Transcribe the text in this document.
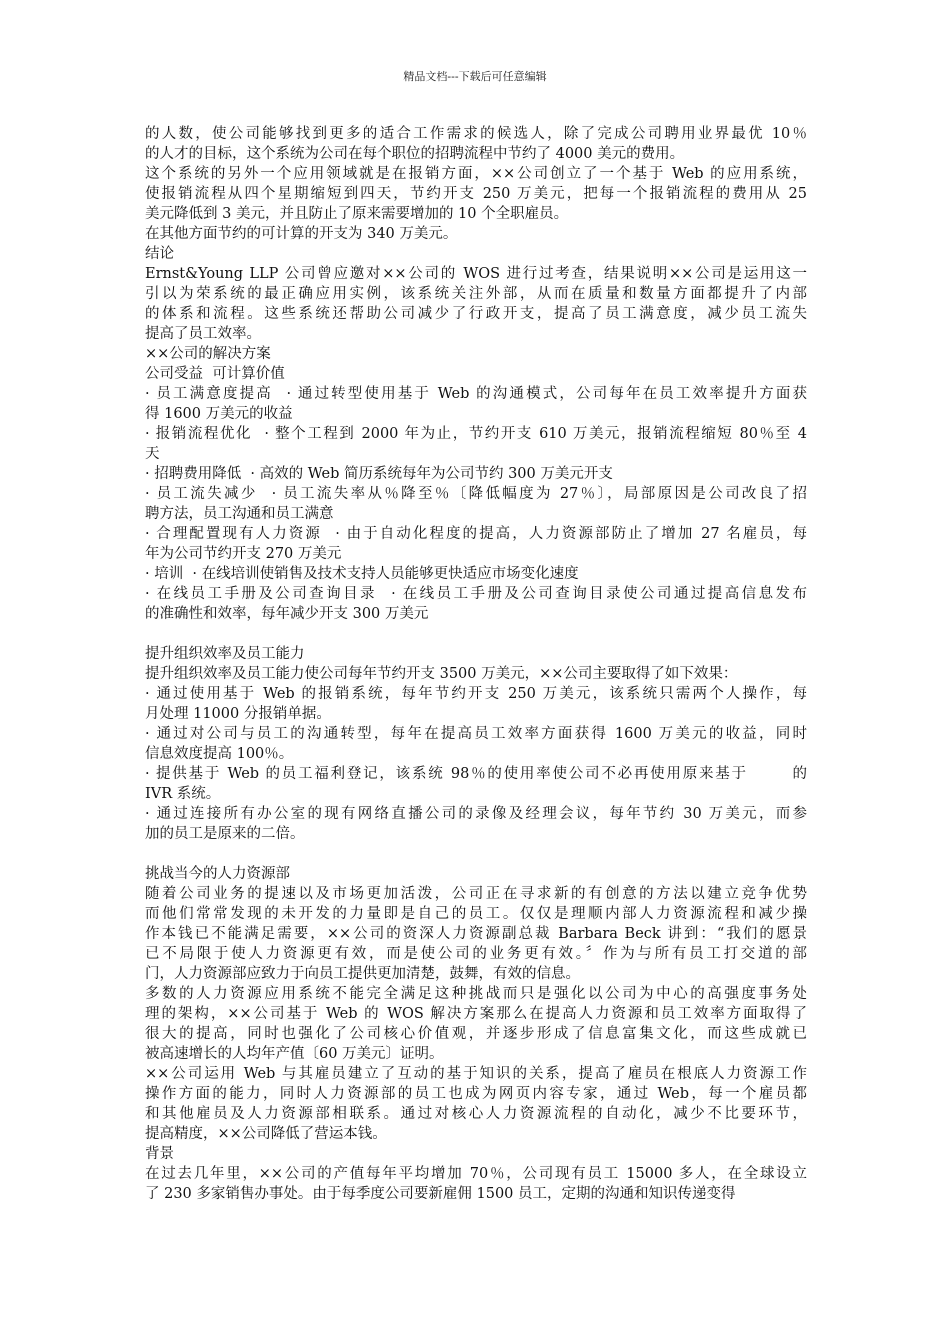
精品文档---下载后可任意编辑
的人数，使公司能够找到更多的适合工作需求的候选人，除了完成公司聘用业界最优 10％
的人才的目标，这个系统为公司在每个职位的招聘流程中节约了 4000 美元的费用。
这个系统的另外一个应用领域就是在报销方面，××公司创立了一个基于 Web 的应用系统，
使报销流程从四个星期缩短到四天，节约开支 250 万美元，把每一个报销流程的费用从 25
美元降低到 3 美元，并且防止了原来需要增加的 10 个全职雇员。
在其他方面节约的可计算的开支为 340 万美元。
结论
Ernst&Young LLP 公司曾应邀对××公司的 WOS 进行过考查，结果说明××公司是运用这一
引以为荣系统的最正确应用实例，该系统关注外部，从而在质量和数量方面都提升了内部
的体系和流程。这些系统还帮助公司减少了行政开支，提高了员工满意度，减少员工流失
提高了员工效率。
××公司的解决方案
公司受益  可计算价值
· 员工满意度提高  · 通过转型使用基于 Web 的沟通模式，公司每年在员工效率提升方面获
得 1600 万美元的收益
· 报销流程优化  · 整个工程到 2000 年为止，节约开支 610 万美元，报销流程缩短 80％至 4
天
· 招聘费用降低  · 高效的 Web 简历系统每年为公司节约 300 万美元开支
· 员工流失减少  · 员工流失率从％降至％〔降低幅度为 27％〕，局部原因是公司改良了招
聘方法，员工沟通和员工满意
· 合理配置现有人力资源  · 由于自动化程度的提高，人力资源部防止了增加 27 名雇员，每
年为公司节约开支 270 万美元
· 培训  · 在线培训使销售及技术支持人员能够更快适应市场变化速度
· 在线员工手册及公司查询目录  · 在线员工手册及公司查询目录使公司通过提高信息发布
的准确性和效率，每年减少开支 300 万美元
提升组织效率及员工能力
提升组织效率及员工能力使公司每年节约开支 3500 万美元，××公司主要取得了如下效果：
· 通过使用基于 Web 的报销系统，每年节约开支 250 万美元，该系统只需两个人操作，每
月处理 11000 分报销单据。
· 通过对公司与员工的沟通转型，每年在提高员工效率方面获得 1600 万美元的收益，同时
信息效度提高 100％。
· 提供基于 Web 的员工福利登记，该系统 98％的使用率使公司不必再使用原来基于       的
IVR 系统。
· 通过连接所有办公室的现有网络直播公司的录像及经理会议，每年节约 30 万美元，而参
加的员工是原来的二倍。
挑战当今的人力资源部
随着公司业务的提速以及市场更加活泼，公司正在寻求新的有创意的方法以建立竞争优势
而他们常常发现的未开发的力量即是自己的员工。仅仅是理顺内部人力资源流程和减少操
作本钱已不能满足需要，××公司的资深人力资源副总裁 Barbara Beck 讲到：“我们的愿景
已不局限于使人力资源更有效，而是使公司的业务更有效。〞作为与所有员工打交道的部
门，人力资源部应致力于向员工提供更加清楚，鼓舞，有效的信息。
多数的人力资源应用系统不能完全满足这种挑战而只是强化以公司为中心的高强度事务处
理的架构，××公司基于 Web 的 WOS 解决方案那么在提高人力资源和员工效率方面取得了
很大的提高，同时也强化了公司核心价值观，并逐步形成了信息富集文化，而这些成就已
被高速增长的人均年产值〔60 万美元〕证明。
××公司运用 Web 与其雇员建立了互动的基于知识的关系，提高了雇员在根底人力资源工作
操作方面的能力，同时人力资源部的员工也成为网页内容专家，通过 Web，每一个雇员都
和其他雇员及人力资源部相联系。通过对核心人力资源流程的自动化，减少不比要环节，
提高精度，××公司降低了营运本钱。
背景
在过去几年里，××公司的产值每年平均增加 70％，公司现有员工 15000 多人，在全球设立
了 230 多家销售办事处。由于每季度公司要新雇佣 1500 员工，定期的沟通和知识传递变得
